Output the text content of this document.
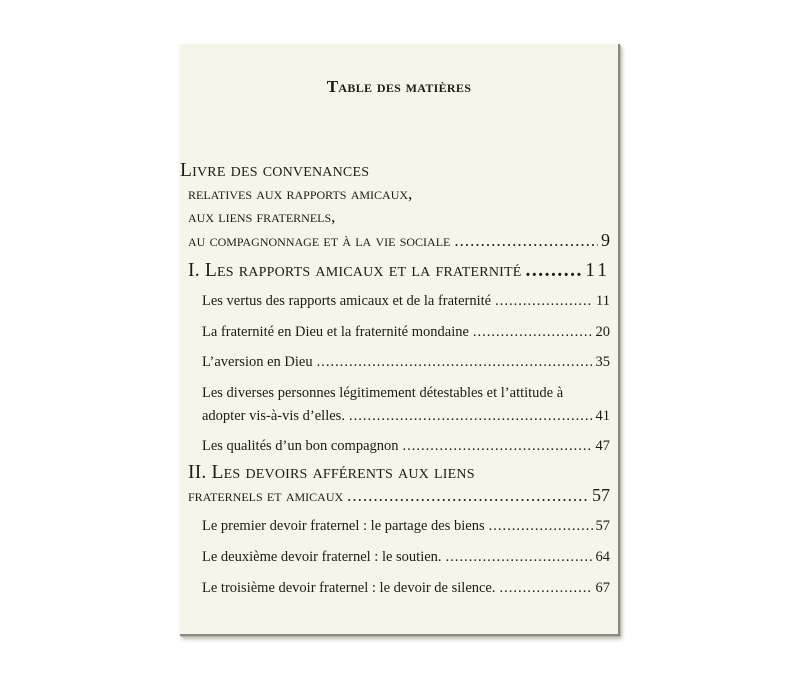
Table des matières
Livre des convenances
relatives aux rapports amicaux,
aux liens fraternels,
au compagnonnage et à la vie sociale .....	9
I. Les rapports amicaux et la fraternité .....	11
Les vertus des rapports amicaux et de la fraternité .....	11
La fraternité en Dieu et la fraternité mondaine .....	20
L’aversion en Dieu .....	35
Les diverses personnes légitimement détestables et l’attitude à
adopter vis-à-vis d’elles. .....	41
Les qualités d’un bon compagnon .....	47
II. Les devoirs afférents aux liens
fraternels et amicaux .....	57
Le premier devoir fraternel : le partage des biens .....	57
Le deuxième devoir fraternel : le soutien. .....	64
Le troisième devoir fraternel : le devoir de silence. .....	67
